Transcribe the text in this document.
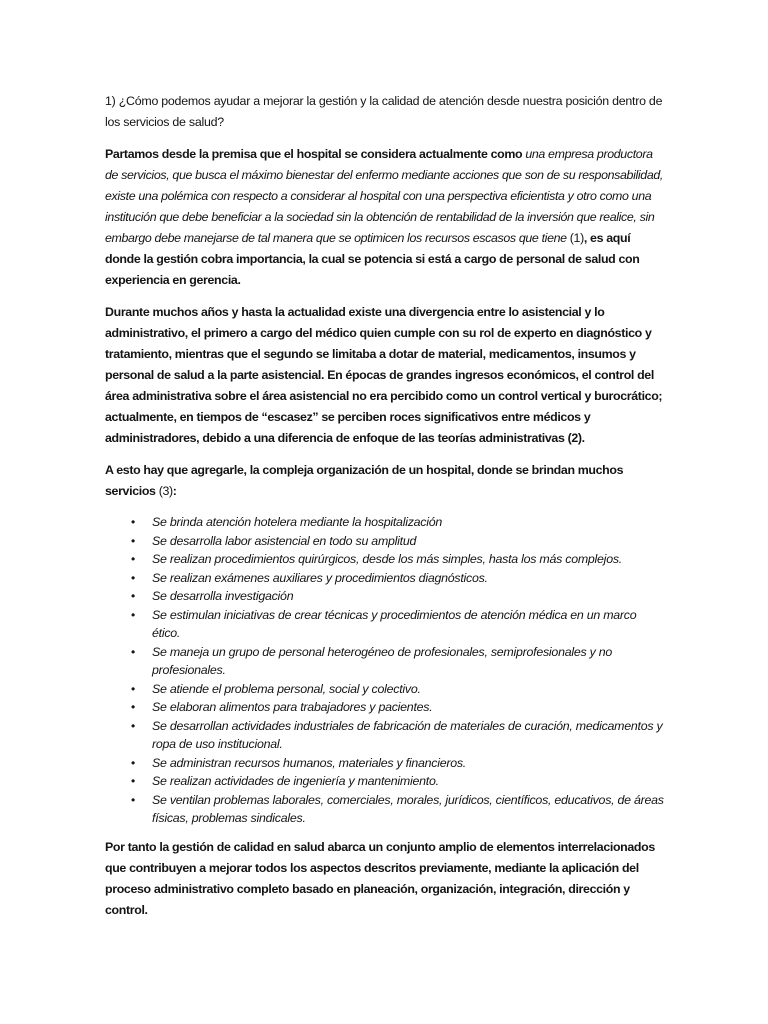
1) ¿Cómo podemos ayudar a mejorar la gestión y la calidad de atención desde nuestra posición dentro de los servicios de salud?

Partamos desde la premisa que el hospital se considera actualmente como una empresa productora de servicios, que busca el máximo bienestar del enfermo mediante acciones que son de su responsabilidad, existe una polémica con respecto a considerar al hospital con una perspectiva eficientista y otro como una institución que debe beneficiar a la sociedad sin la obtención de rentabilidad de la inversión que realice, sin embargo debe manejarse de tal manera que se optimicen los recursos escasos que tiene (1), es aquí donde la gestión cobra importancia, la cual se potencia si está a cargo de personal de salud con experiencia en gerencia.

Durante muchos años y hasta la actualidad existe una divergencia entre lo asistencial y lo administrativo, el primero a cargo del médico quien cumple con su rol de experto en diagnóstico y tratamiento, mientras que el segundo se limitaba a dotar de material, medicamentos, insumos y personal de salud a la parte asistencial. En épocas de grandes ingresos económicos, el control del área administrativa sobre el área asistencial no era percibido como un control vertical y burocrático; actualmente, en tiempos de “escasez” se perciben roces significativos entre médicos y administradores, debido a una diferencia de enfoque de las teorías administrativas (2).

A esto hay que agregarle, la compleja organización de un hospital, donde se brindan muchos servicios (3):

• Se brinda atención hotelera mediante la hospitalización
• Se desarrolla labor asistencial en todo su amplitud
• Se realizan procedimientos quirúrgicos, desde los más simples, hasta los más complejos.
• Se realizan exámenes auxiliares y procedimientos diagnósticos.
• Se desarrolla investigación
• Se estimulan iniciativas de crear técnicas y procedimientos de atención médica en un marco ético.
• Se maneja un grupo de personal heterogéneo de profesionales, semiprofesionales y no profesionales.
• Se atiende el problema personal, social y colectivo.
• Se elaboran alimentos para trabajadores y pacientes.
• Se desarrollan actividades industriales de fabricación de materiales de curación, medicamentos y ropa de uso institucional.
• Se administran recursos humanos, materiales y financieros.
• Se realizan actividades de ingeniería y mantenimiento.
• Se ventilan problemas laborales, comerciales, morales, jurídicos, científicos, educativos, de áreas físicas, problemas sindicales.

Por tanto la gestión de calidad en salud abarca un conjunto amplio de elementos interrelacionados que contribuyen a mejorar todos los aspectos descritos previamente, mediante la aplicación del proceso administrativo completo basado en planeación, organización, integración, dirección y control.
